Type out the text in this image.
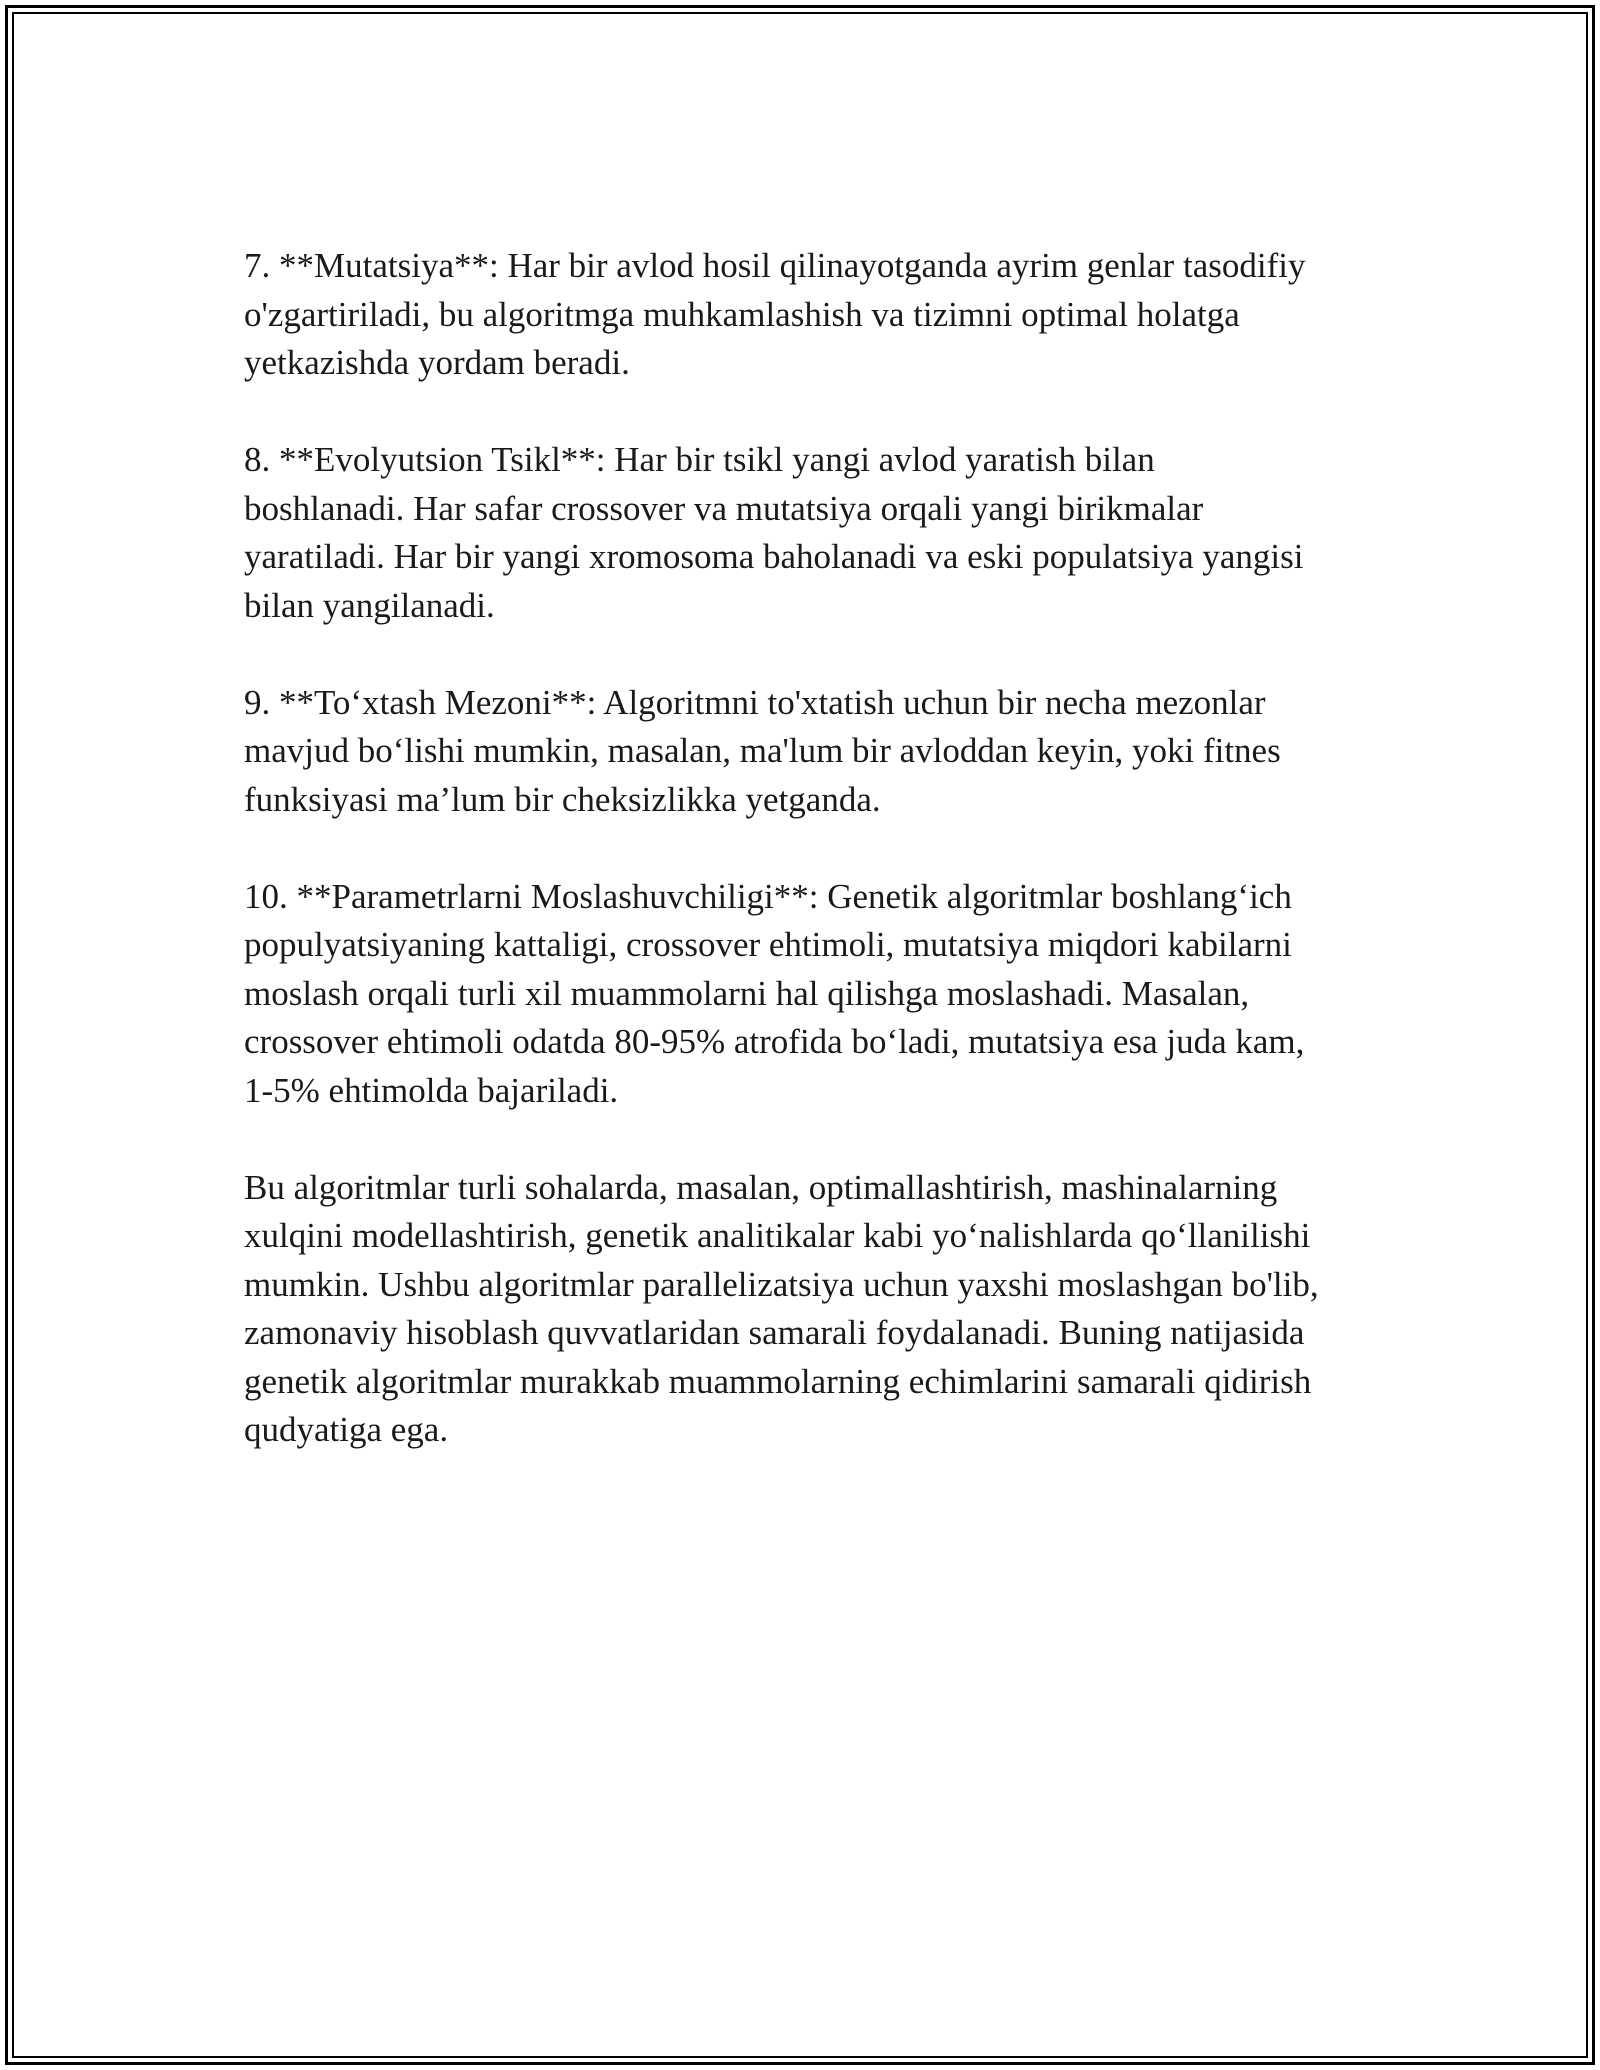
7. **Mutatsiya**: Har bir avlod hosil qilinayotganda ayrim genlar tasodifiy
o'zgartiriladi, bu algoritmga muhkamlashish va tizimni optimal holatga
yetkazishda yordam beradi.

8. **Evolyutsion Tsikl**: Har bir tsikl yangi avlod yaratish bilan
boshlanadi. Har safar crossover va mutatsiya orqali yangi birikmalar
yaratiladi. Har bir yangi xromosoma baholanadi va eski populatsiya yangisi
bilan yangilanadi.

9. **To‘xtash Mezoni**: Algoritmni to'xtatish uchun bir necha mezonlar
mavjud bo‘lishi mumkin, masalan, ma'lum bir avloddan keyin, yoki fitnes
funksiyasi ma’lum bir cheksizlikka yetganda.

10. **Parametrlarni Moslashuvchiligi**: Genetik algoritmlar boshlang‘ich
populyatsiyaning kattaligi, crossover ehtimoli, mutatsiya miqdori kabilarni
moslash orqali turli xil muammolarni hal qilishga moslashadi. Masalan,
crossover ehtimoli odatda 80-95% atrofida bo‘ladi, mutatsiya esa juda kam,
1-5% ehtimolda bajariladi.

Bu algoritmlar turli sohalarda, masalan, optimallashtirish, mashinalarning
xulqini modellashtirish, genetik analitikalar kabi yo‘nalishlarda qo‘llanilishi
mumkin. Ushbu algoritmlar parallelizatsiya uchun yaxshi moslashgan bo'lib,
zamonaviy hisoblash quvvatlaridan samarali foydalanadi. Buning natijasida
genetik algoritmlar murakkab muammolarning echimlarini samarali qidirish
qudyatiga ega.
